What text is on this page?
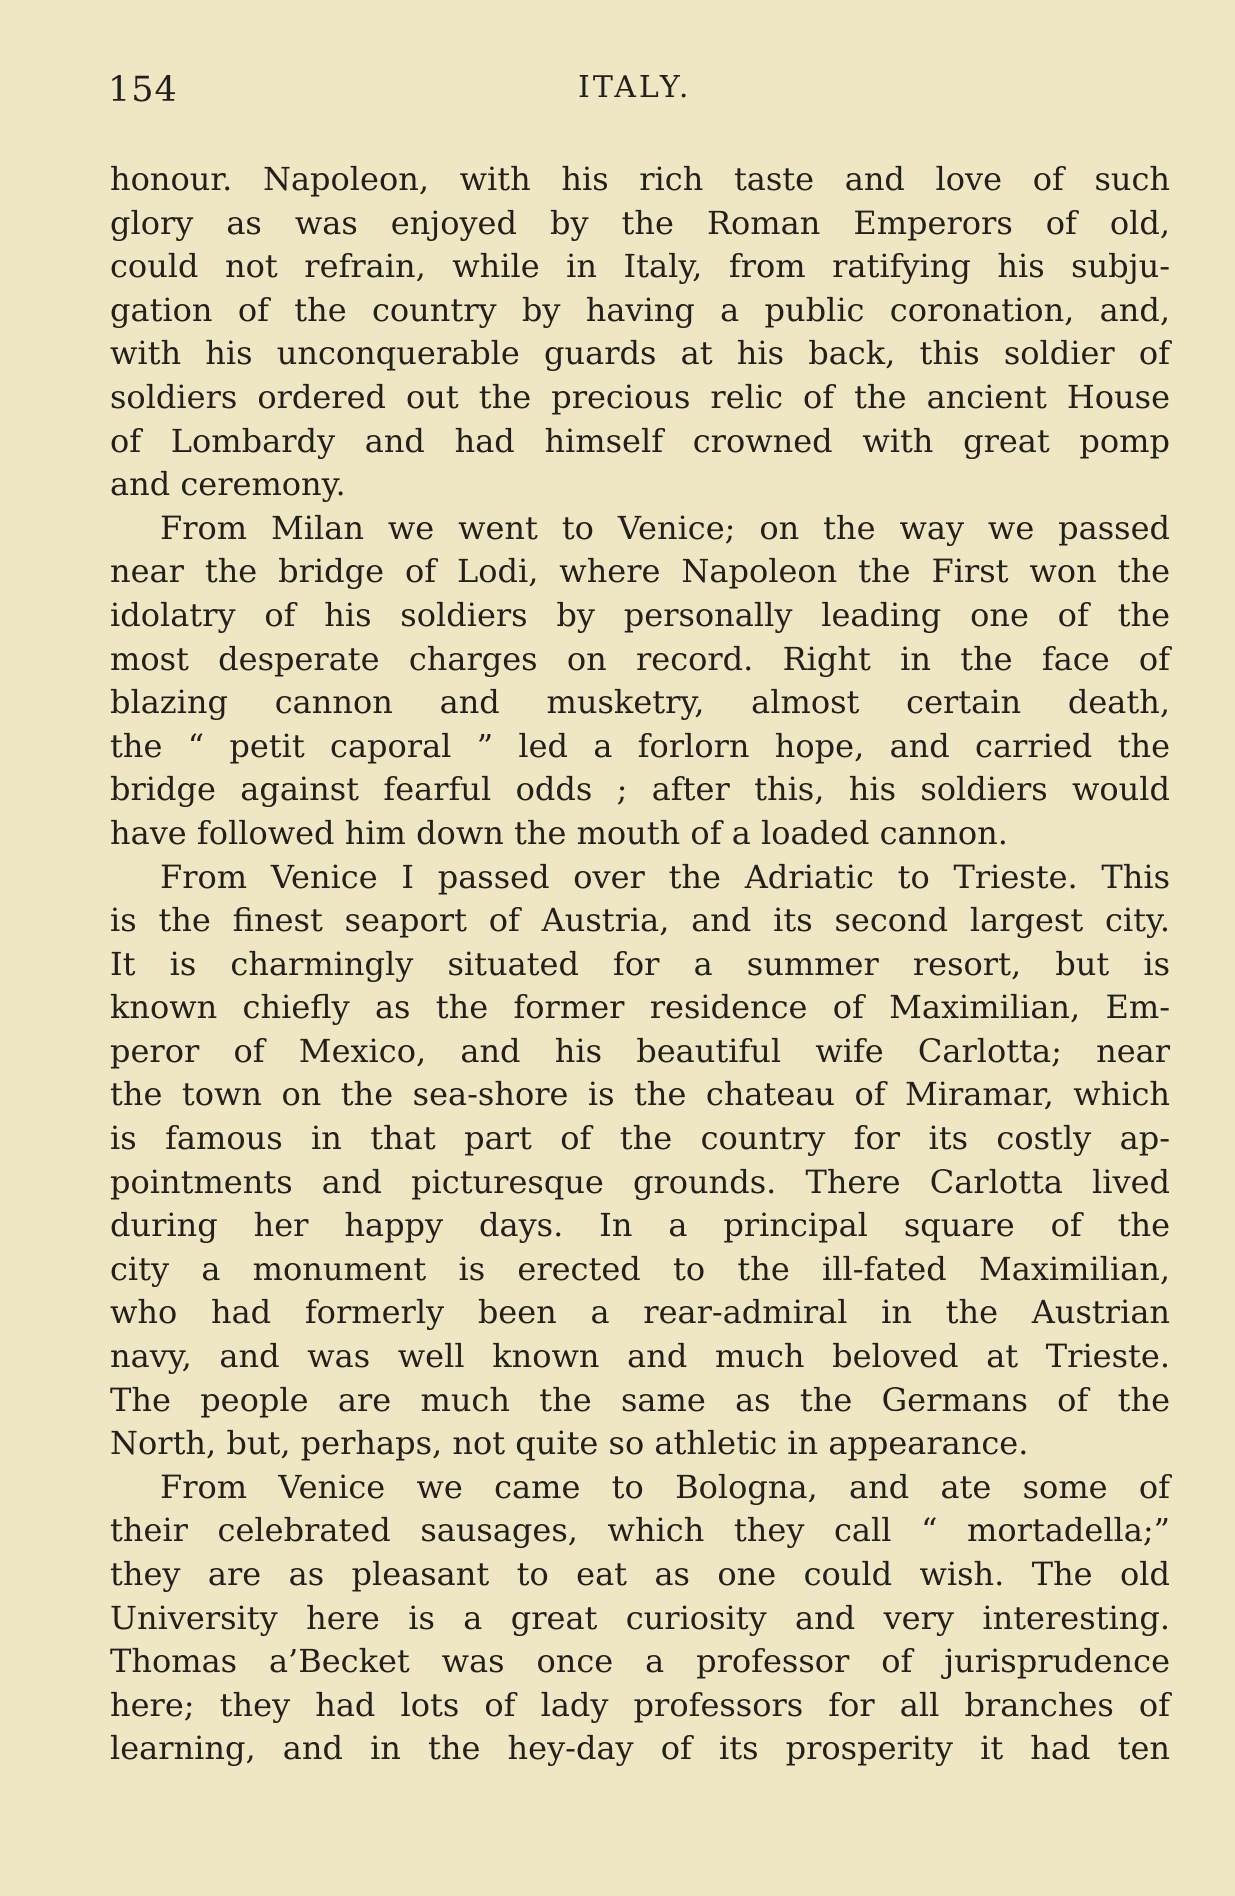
154	ITALY.
honour. Napoleon, with his rich taste and love of such
glory as was enjoyed by the Roman Emperors of old,
could not refrain, while in Italy, from ratifying his subju-
gation of the country by having a public coronation, and,
with his unconquerable guards at his back, this soldier of
soldiers ordered out the precious relic of the ancient House
of Lombardy and had himself crowned with great pomp
and ceremony.
From Milan we went to Venice; on the way we passed
near the bridge of Lodi, where Napoleon the First won the
idolatry of his soldiers by personally leading one of the
most desperate charges on record. Right in the face of
blazing cannon and musketry, almost certain death,
the “ petit caporal ” led a forlorn hope, and carried the
bridge against fearful odds ; after this, his soldiers would
have followed him down the mouth of a loaded cannon.
From Venice I passed over the Adriatic to Trieste. This
is the finest seaport of Austria, and its second largest city.
It is charmingly situated for a summer resort, but is
known chiefly as the former residence of Maximilian, Em-
peror of Mexico, and his beautiful wife Carlotta; near
the town on the sea-shore is the chateau of Miramar, which
is famous in that part of the country for its costly ap-
pointments and picturesque grounds. There Carlotta lived
during her happy days. In a principal square of the
city a monument is erected to the ill-fated Maximilian,
who had formerly been a rear-admiral in the Austrian
navy, and was well known and much beloved at Trieste.
The people are much the same as the Germans of the
North, but, perhaps, not quite so athletic in appearance.
From Venice we came to Bologna, and ate some of
their celebrated sausages, which they call “ mortadella;”
they are as pleasant to eat as one could wish. The old
University here is a great curiosity and very interesting.
Thomas a’Becket was once a professor of jurisprudence
here; they had lots of lady professors for all branches of
learning, and in the hey-day of its prosperity it had ten
